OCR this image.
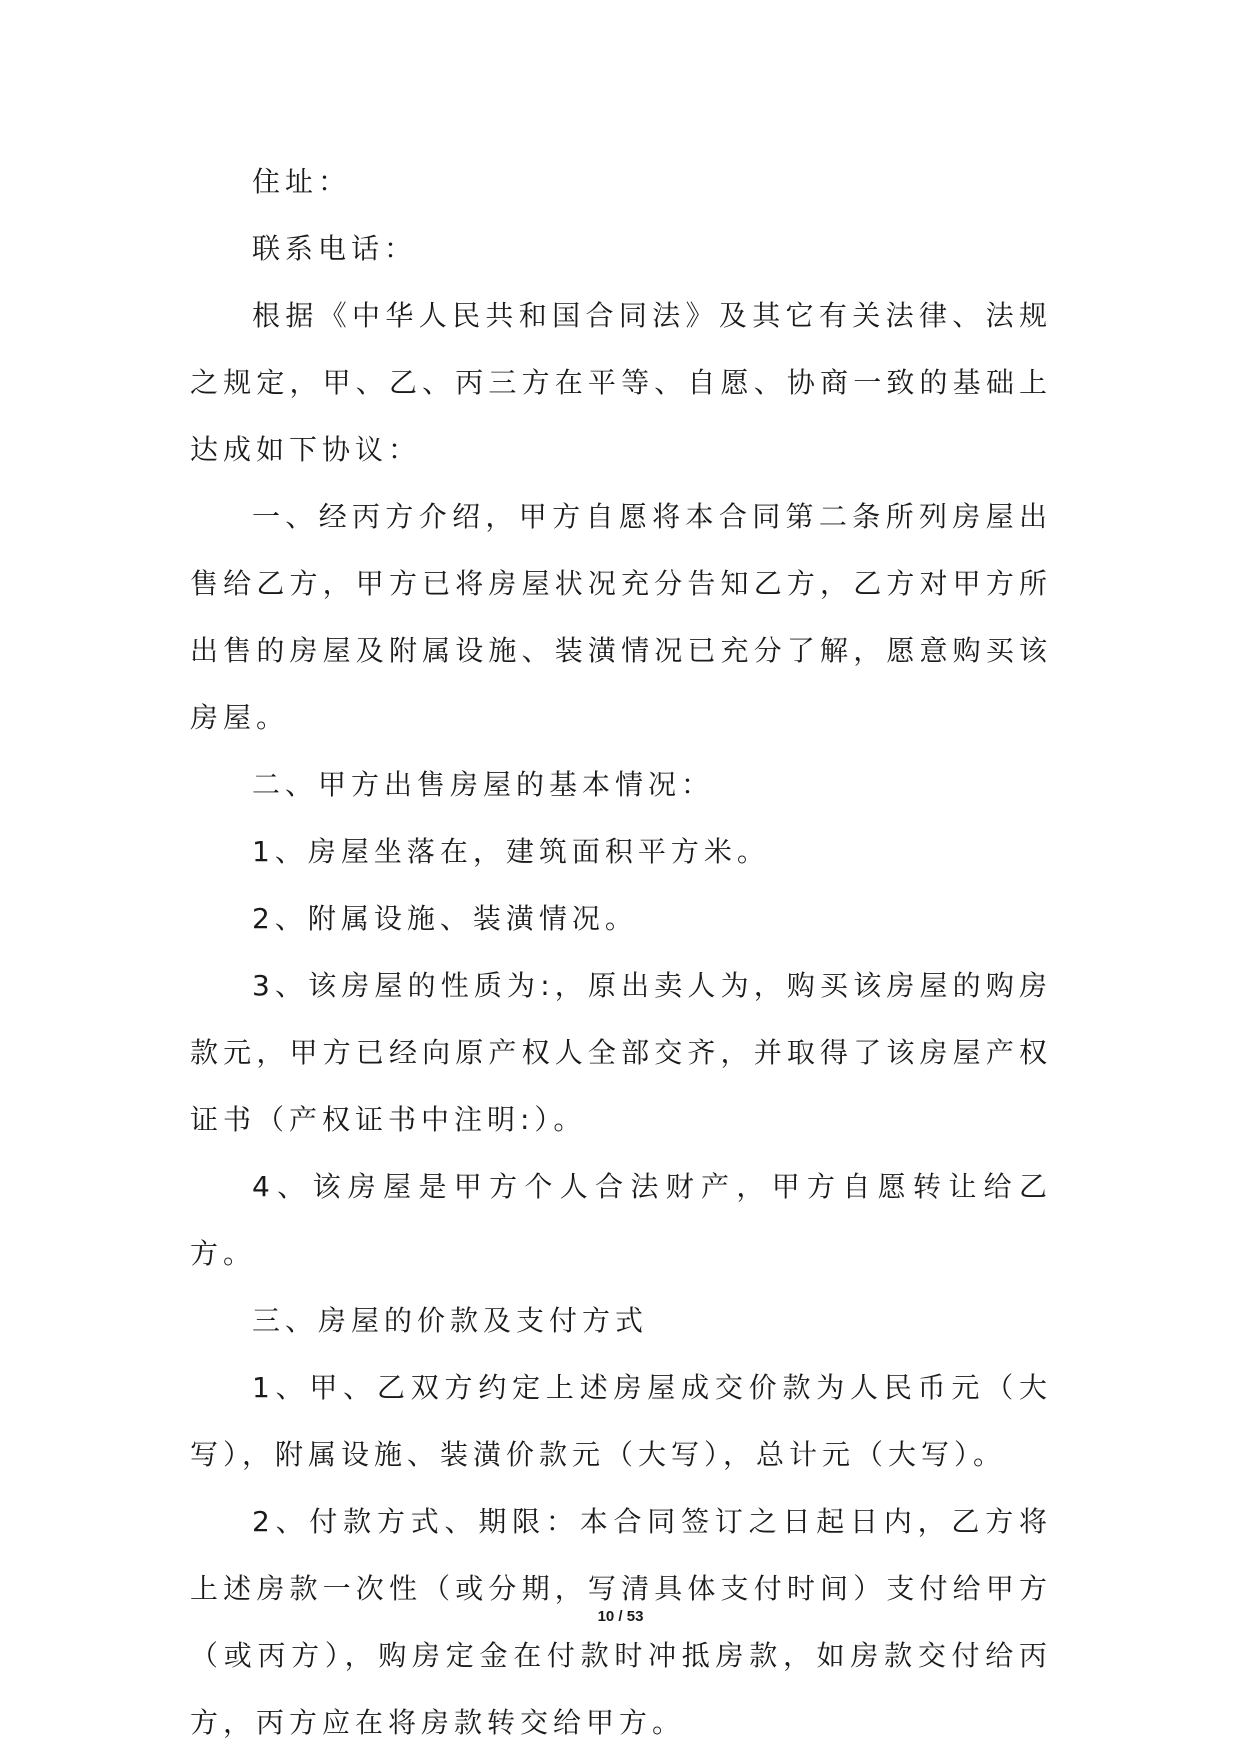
住址：

联系电话：

根据《中华人民共和国合同法》及其它有关法律、法规之规定，甲、乙、丙三方在平等、自愿、协商一致的基础上达成如下协议：

一、经丙方介绍，甲方自愿将本合同第二条所列房屋出售给乙方，甲方已将房屋状况充分告知乙方，乙方对甲方所出售的房屋及附属设施、装潢情况已充分了解，愿意购买该房屋。

二、甲方出售房屋的基本情况：

1、房屋坐落在，建筑面积平方米。

2、附属设施、装潢情况。

3、该房屋的性质为:，原出卖人为，购买该房屋的购房款元，甲方已经向原产权人全部交齐，并取得了该房屋产权证书（产权证书中注明:）。

4、该房屋是甲方个人合法财产，甲方自愿转让给乙方。

三、房屋的价款及支付方式

1、甲、乙双方约定上述房屋成交价款为人民币元（大写），附属设施、装潢价款元（大写），总计元（大写）。

2、付款方式、期限：本合同签订之日起日内，乙方将上述房款一次性（或分期，写清具体支付时间）支付给甲方（或丙方），购房定金在付款时冲抵房款，如房款交付给丙方，丙方应在将房款转交给甲方。

10 / 53
